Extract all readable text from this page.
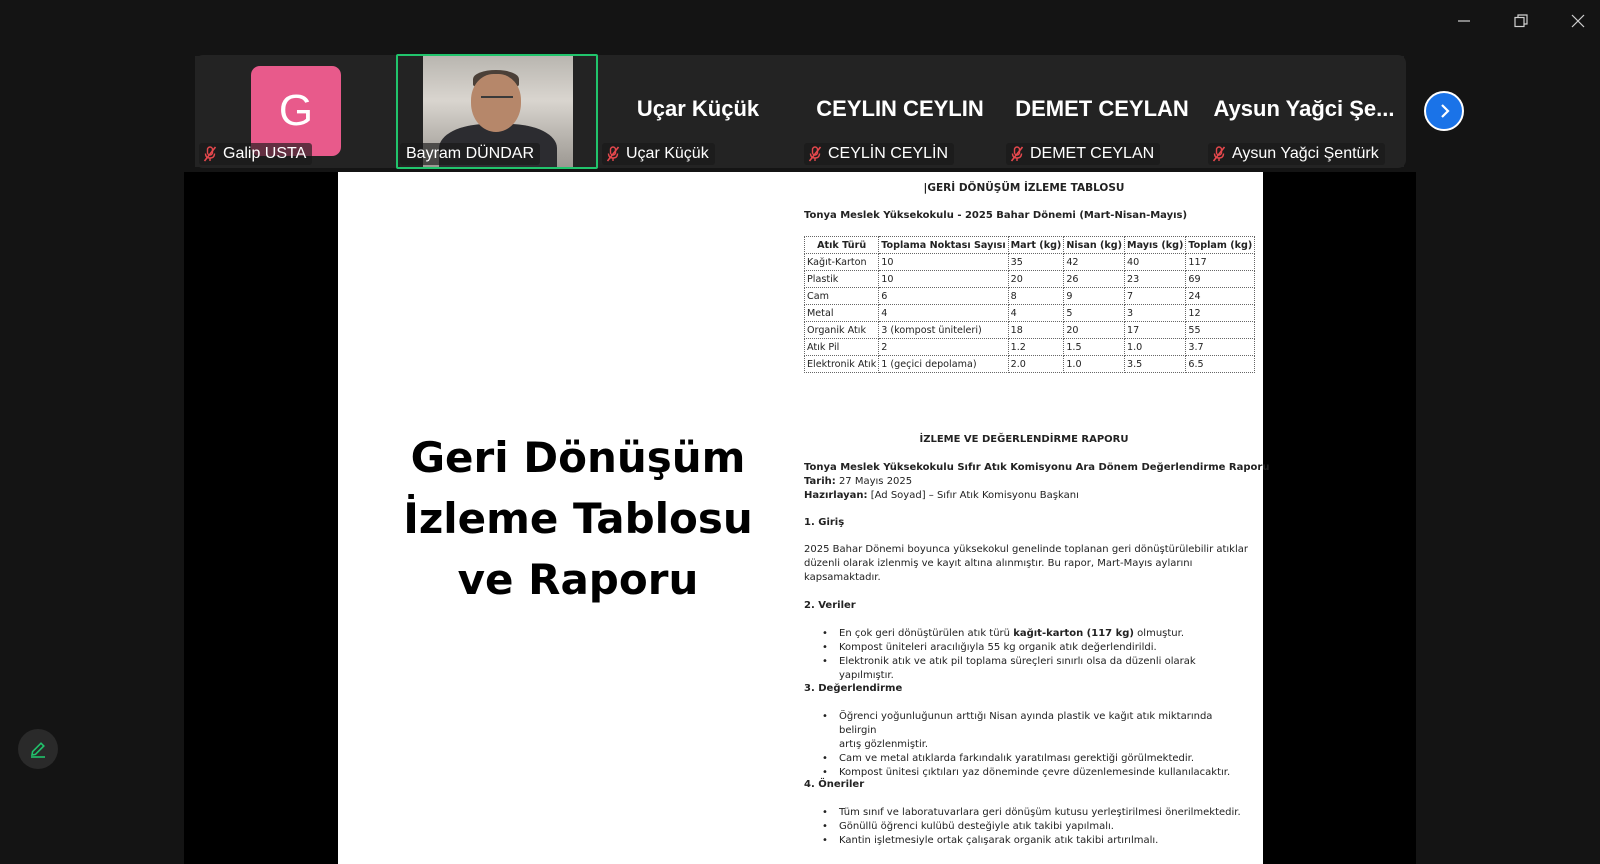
G
Galip USTA	Bayram DÜNDAR
Uçar Küçük
Uçar Küçük
CEYLIN CEYLIN
CEYLİN CEYLİN
DEMET CEYLAN
DEMET CEYLAN
Aysun Yağci Şe...
Aysun Yağci Şentürk
Geri Dönüşüm
İzleme Tablosu
ve Raporu
|GERİ DÖNÜŞÜM İZLEME TABLOSU
Tonya Meslek Yüksekokulu - 2025 Bahar Dönemi (Mart-Nisan-Mayıs)
Atık Türü	Toplama Noktası Sayısı	Mart (kg)	Nisan (kg)	Mayıs (kg)	Toplam (kg)
Kağıt-Karton	10	35	42	40	117
Plastik	10	20	26	23	69
Cam	6	8	9	7	24
Metal	4	4	5	3	12
Organik Atık	3 (kompost üniteleri)	18	20	17	55
Atık Pil	2	1.2	1.5	1.0	3.7
Elektronik Atık	1 (geçici depolama)	2.0	1.0	3.5	6.5
İZLEME VE DEĞERLENDİRME RAPORU
Tonya Meslek Yüksekokulu Sıfır Atık Komisyonu Ara Dönem Değerlendirme Raporu
Tarih: 27 Mayıs 2025
Hazırlayan: [Ad Soyad] – Sıfır Atık Komisyonu Başkanı
1. Giriş
2025 Bahar Dönemi boyunca yüksekokul genelinde toplanan geri dönüştürülebilir atıklar
düzenli olarak izlenmiş ve kayıt altına alınmıştır. Bu rapor, Mart-Mayıs aylarını
kapsamaktadır.
2. Veriler
• En çok geri dönüştürülen atık türü kağıt-karton (117 kg) olmuştur.
• Kompost üniteleri aracılığıyla 55 kg organik atık değerlendirildi.
• Elektronik atık ve atık pil toplama süreçleri sınırlı olsa da düzenli olarak yapılmıştır.
3. Değerlendirme
• Öğrenci yoğunluğunun arttığı Nisan ayında plastik ve kağıt atık miktarında belirgin
artış gözlenmiştir.
• Cam ve metal atıklarda farkındalık yaratılması gerektiği görülmektedir.
• Kompost ünitesi çıktıları yaz döneminde çevre düzenlemesinde kullanılacaktır.
4. Öneriler
• Tüm sınıf ve laboratuvarlara geri dönüşüm kutusu yerleştirilmesi önerilmektedir.
• Gönüllü öğrenci kulübü desteğiyle atık takibi yapılmalı.
• Kantin işletmesiyle ortak çalışarak organik atık takibi artırılmalı.
